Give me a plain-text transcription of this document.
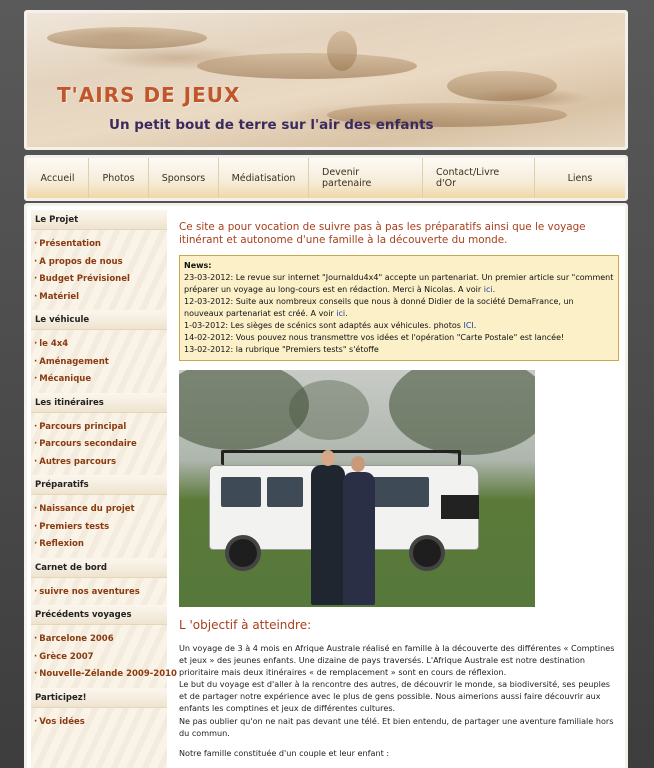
T'AIRS DE JEUX
Un petit bout de terre sur l'air des enfants
Accueil	Photos	Sponsors	Médiatisation	Devenir partenaire
Contact/Livre d'Or	Liens
Le Projet
· Présentation
· A propos de nous
· Budget Prévisionel
· Matériel
Le véhicule
· le 4x4
· Aménagement
· Mécanique
Les itinéraires
· Parcours principal
· Parcours secondaire
· Autres parcours
Préparatifs
· Naissance du projet
· Premiers tests
· Reflexion
Carnet de bord
· suivre nos aventures
Précédents voyages
· Barcelone 2006
· Grèce 2007
· Nouvelle-Zélande 2009-2010
Participez!
· Vos idées
Ce site a pour vocation de suivre pas à pas les préparatifs ainsi que le voyage itinérant et autonome d'une famille à la découverte du monde.
News:
23-03-2012: Le revue sur internet "Journaldu4x4" accepte un partenariat. Un premier article sur "comment préparer un voyage au long-cours est en rédaction. Merci à Nicolas. A voir ici.
12-03-2012: Suite aux nombreux conseils que nous à donné Didier de la société DemaFrance, un nouveaux partenariat est créé. A voir ici.
1-03-2012: Les sièges de scénics sont adaptés aux véhicules. photos ICI.
14-02-2012: Vous pouvez nous transmettre vos idées et l'opération "Carte Postale" est lancée!
13-02-2012: la rubrique "Premiers tests" s'étoffe
L 'objectif à atteindre:

Un voyage de 3 à 4 mois en Afrique Australe réalisé en famille à la découverte des différentes « Comptines et jeux » des jeunes enfants. Une dizaine de pays traversés. L'Afrique Australe est notre destination prioritaire mais deux itinéraires « de remplacement » sont en cours de réflexion.

Le but du voyage est d'aller à la rencontre des autres, de découvrir le monde, sa biodiversité, ses peuples et de partager notre expérience avec le plus de gens possible. Nous aimerions aussi faire découvrir aux enfants les comptines et jeux de différentes cultures.

Ne pas oublier qu'on ne nait pas devant une télé. Et bien entendu, de partager une aventure familiale hors du commun.

Notre famille constituée d'un couple et leur enfant :
